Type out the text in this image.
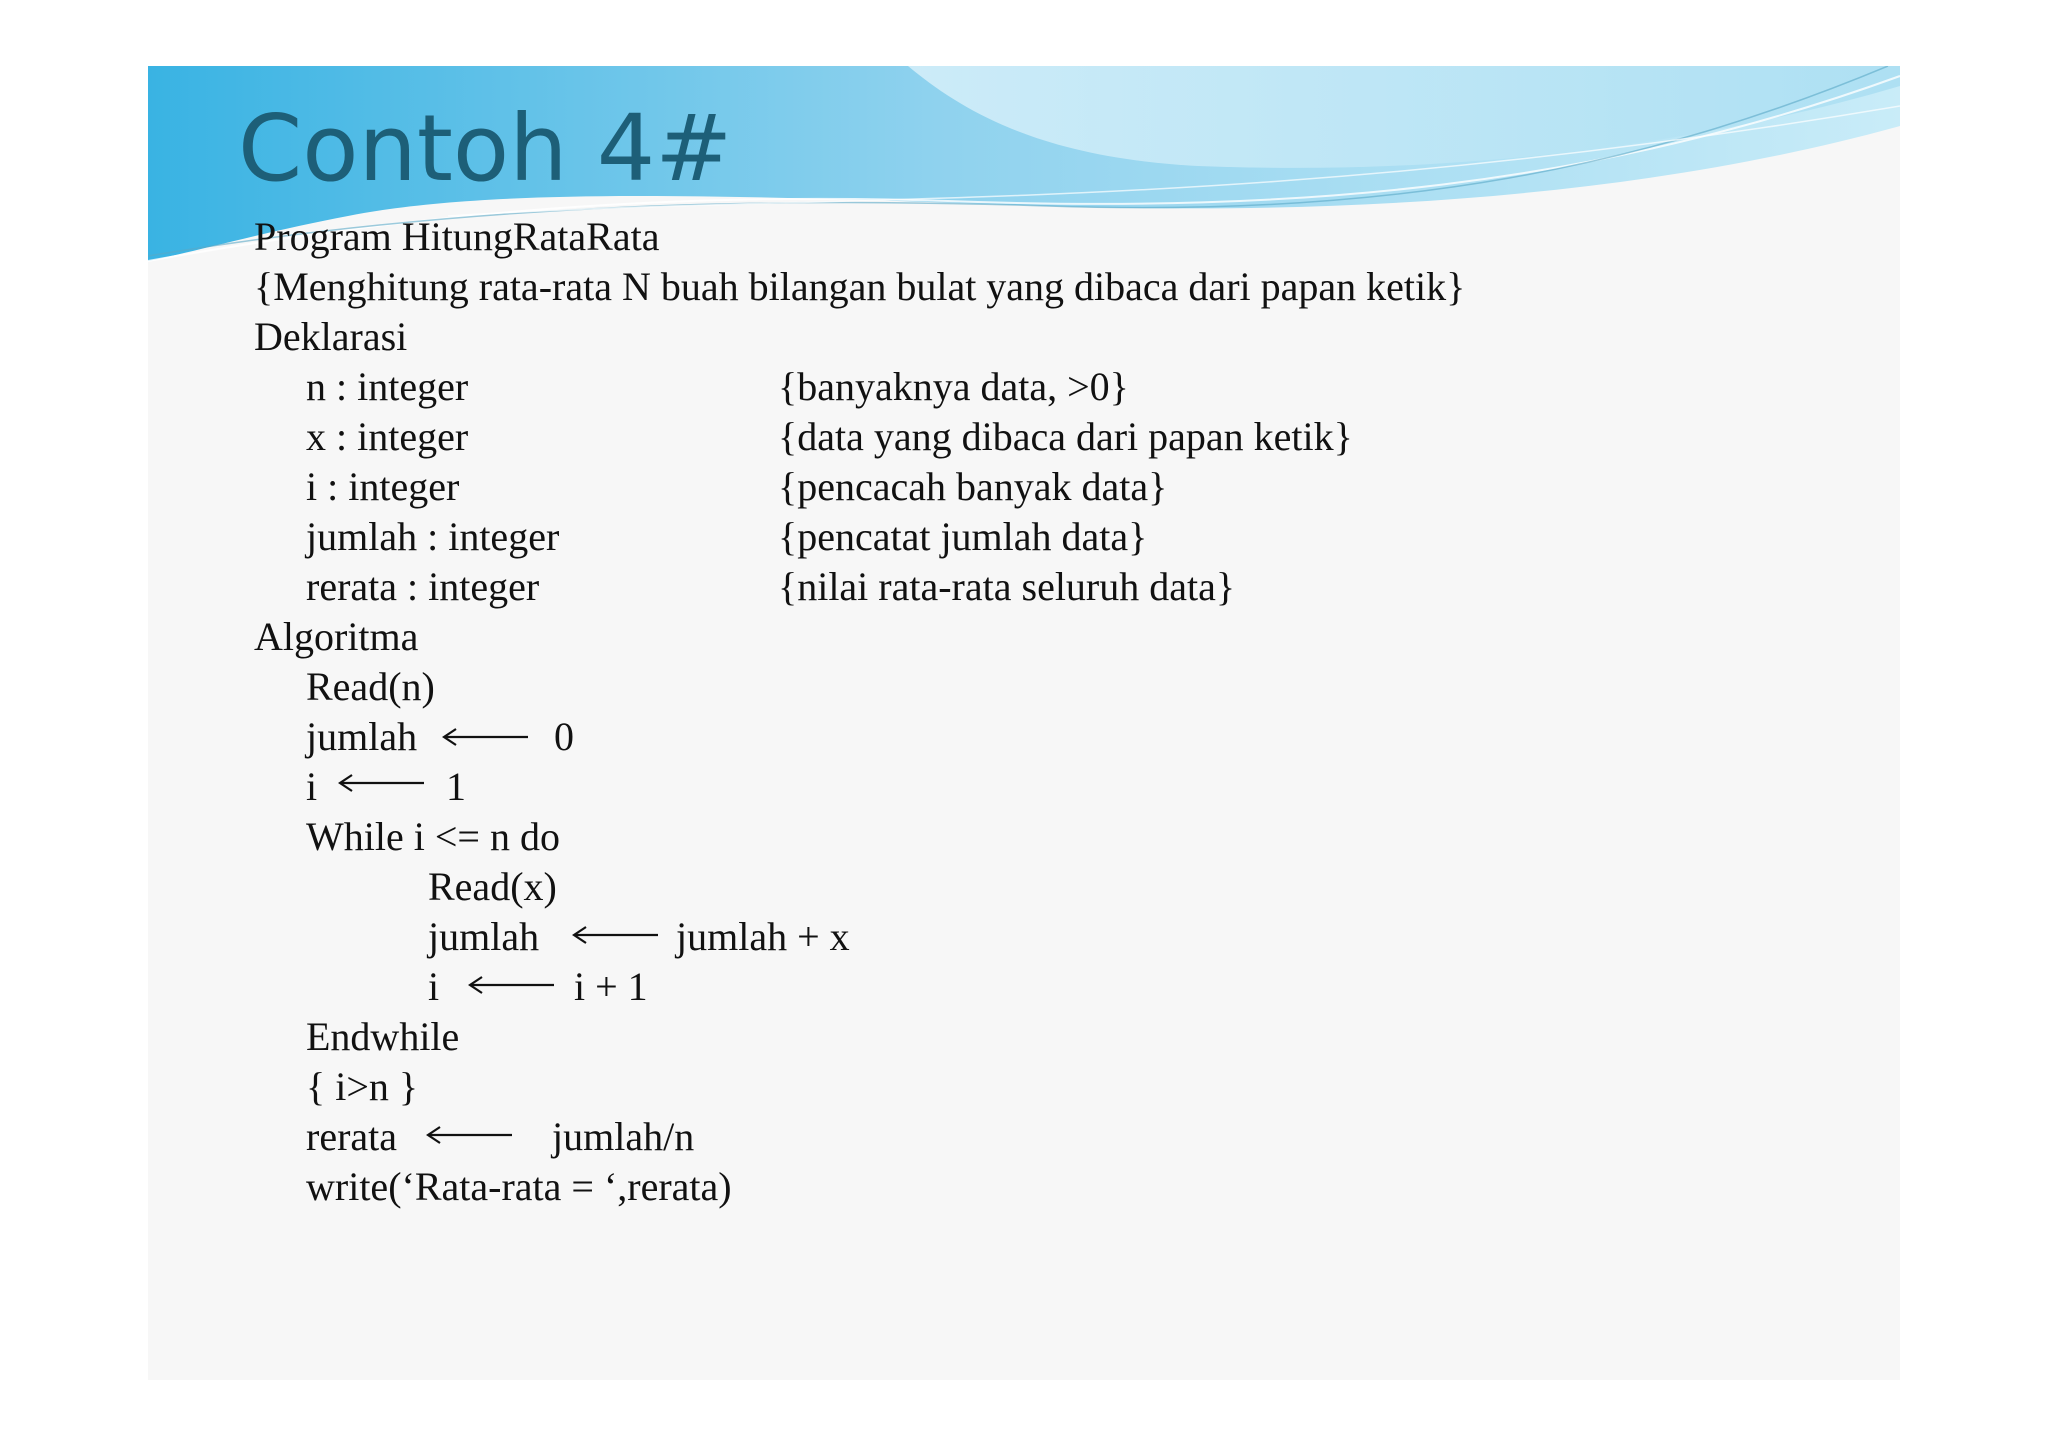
Contoh 4#
Program HitungRataRata
{Menghitung rata-rata N buah bilangan bulat yang dibaca dari papan ketik}
Deklarasi
n : integer	{banyaknya data, >0}
x : integer	{data yang dibaca dari papan ketik}
i : integer	{pencacah banyak data}
jumlah : integer	{pencatat jumlah data}
rerata : integer	{nilai rata-rata seluruh data}
Algoritma
Read(n)
jumlah	0
i	1
While i <= n do
Read(x)
jumlah	jumlah + x
i	i + 1
Endwhile
{ i>n }
rerata	jumlah/n
write(‘Rata-rata = ‘,rerata)
